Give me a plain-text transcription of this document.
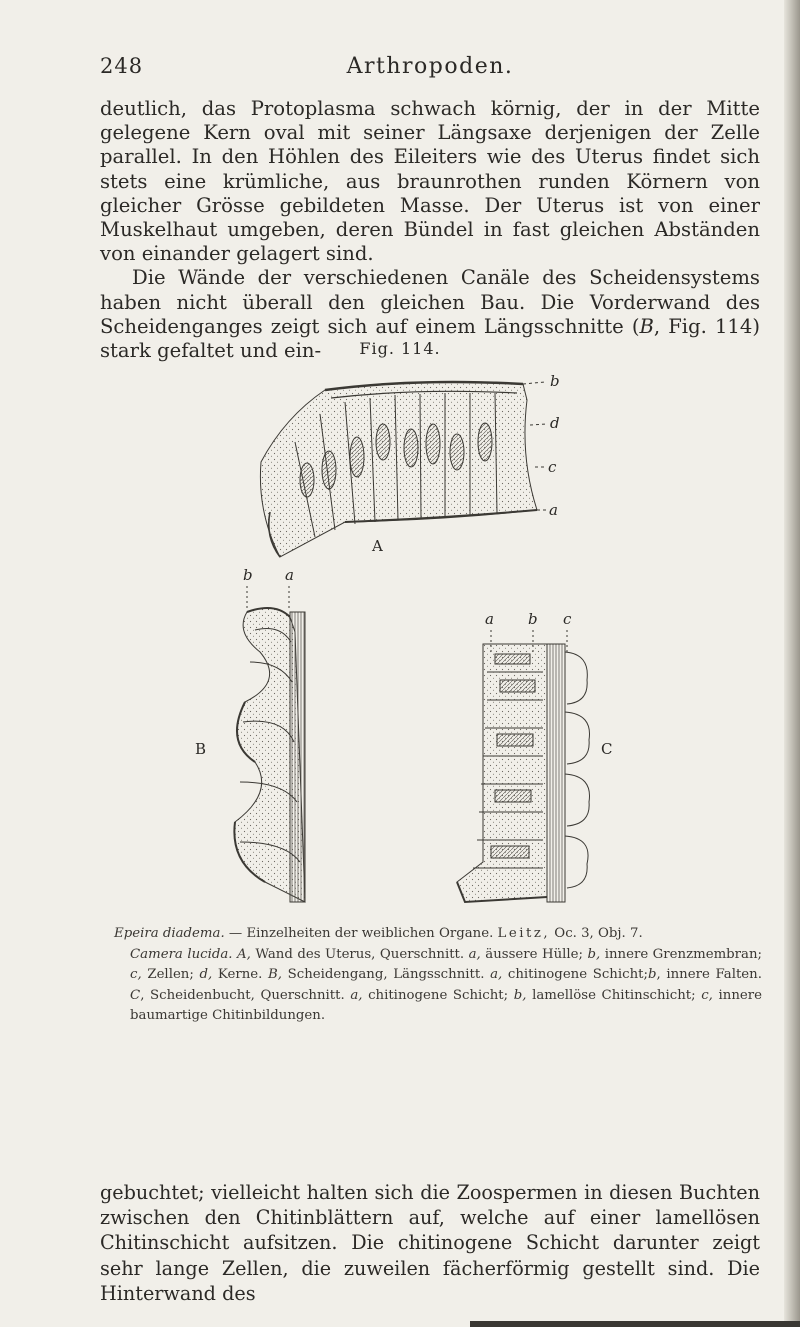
248	Arthropoden.

deutlich, das Protoplasma schwach körnig, der in der Mitte gelegene Kern oval mit seiner Längsaxe derjenigen der Zelle parallel. In den Höhlen des Eileiters wie des Uterus findet sich stets eine krümliche, aus braunrothen runden Körnern von gleicher Grösse gebildeten Masse. Der Uterus ist von einer Muskelhaut umgeben, deren Bündel in fast gleichen Abständen von einander gelagert sind.

Die Wände der verschiedenen Canäle des Scheidensystems haben nicht überall den gleichen Bau. Die Vorderwand des Scheidenganges zeigt sich auf einem Längsschnitte (B, Fig. 114) stark gefaltet und ein-	Fig. 114.
b
d
c
a
A
b a
B
a b c
C

Epeira diadema. — Einzelheiten der weiblichen Organe. Leitz, Oc. 3, Obj. 7.

Camera lucida. A, Wand des Uterus, Querschnitt. a, äussere Hülle; b, innere Grenzmembran; c, Zellen; d, Kerne. B, Scheidengang, Längsschnitt. a, chitinogene Schicht;b, innere Falten. C, Scheidenbucht, Querschnitt. a, chitinogene Schicht; b, lamellöse Chitinschicht; c, innere baumartige Chitinbildungen.

gebuchtet; vielleicht halten sich die Zoospermen in diesen Buchten zwischen den Chitinblättern auf, welche auf einer lamellösen Chitinschicht aufsitzen. Die chitinogene Schicht darunter zeigt sehr lange Zellen, die zuweilen fächerförmig gestellt sind. Die Hinterwand des
